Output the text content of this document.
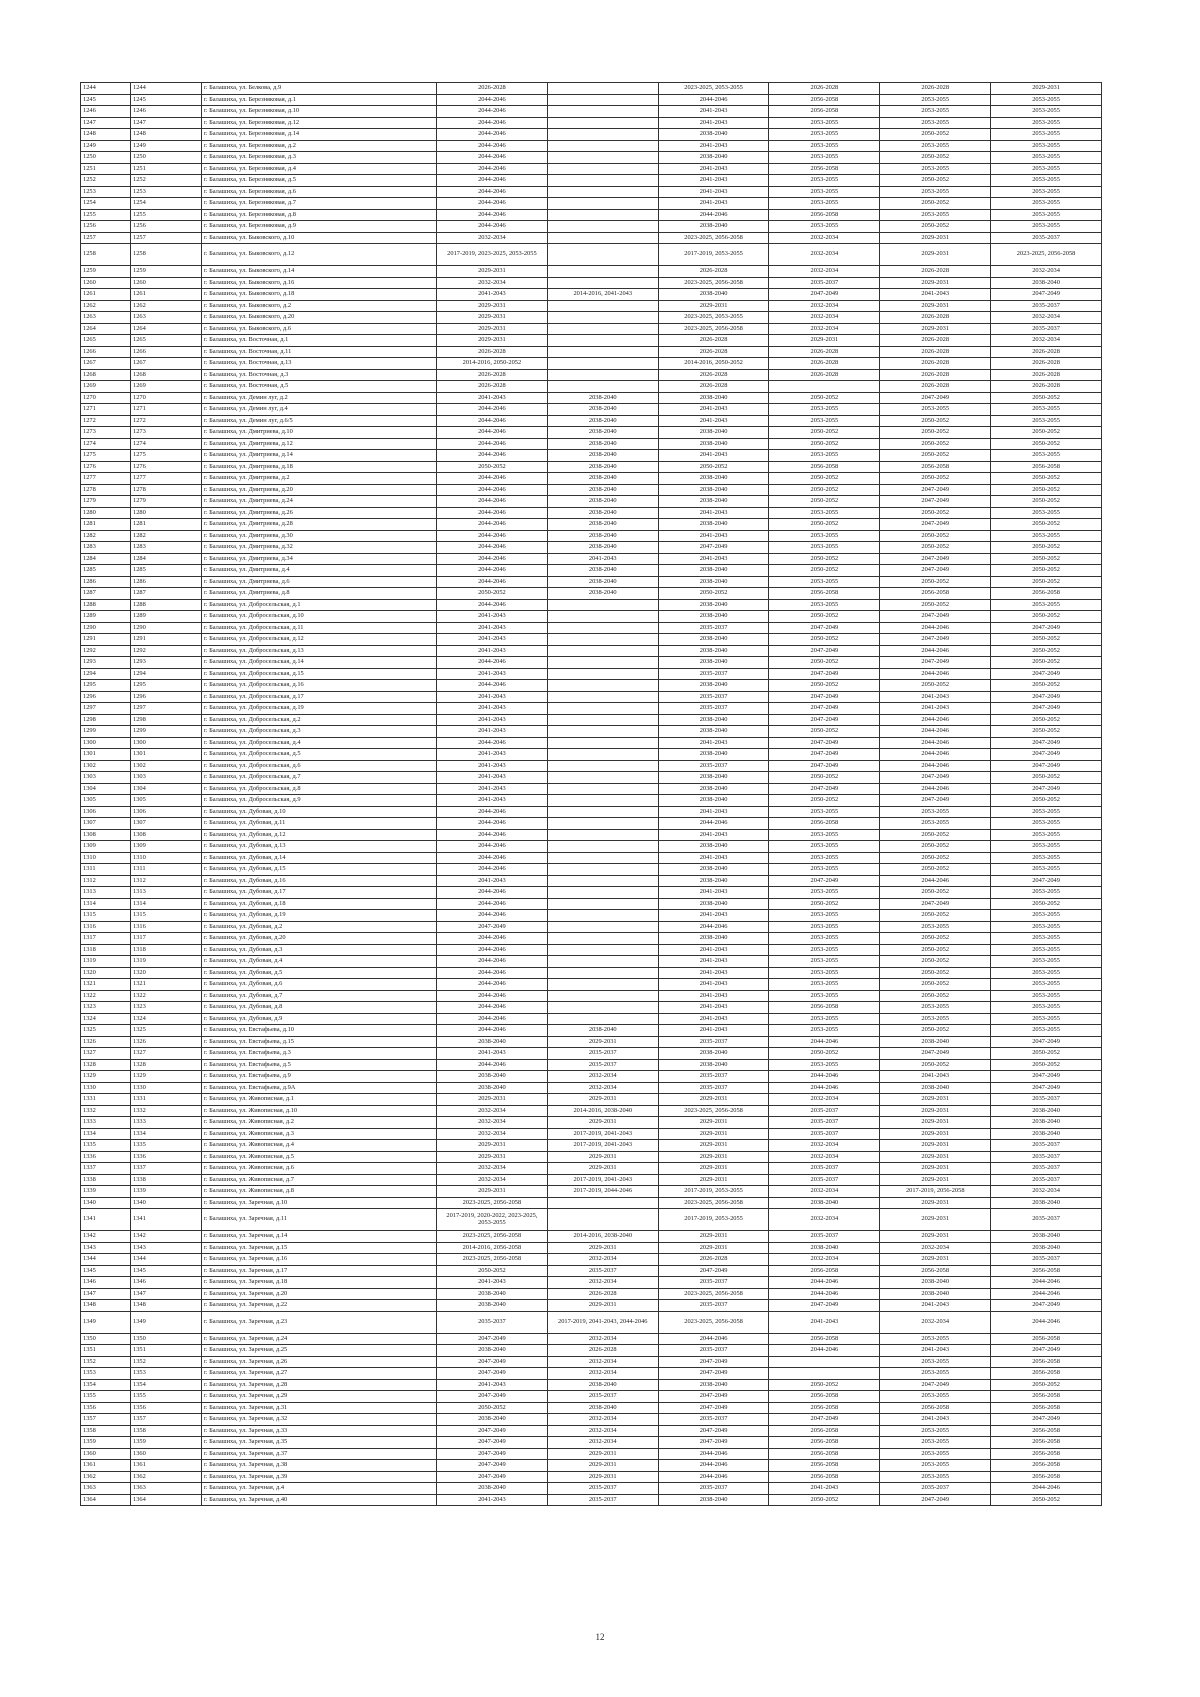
1244	1244	г. Балашиха, ул. Белкова, д.9	2026-2028		2023-2025, 2053-2055	2026-2028	2026-2028	2029-2031
1245	1245	г. Балашиха, ул. Березняковая, д.1	2044-2046		2044-2046	2056-2058	2053-2055	2053-2055
1246	1246	г. Балашиха, ул. Березняковая, д.10	2044-2046		2041-2043	2056-2058	2053-2055	2053-2055
1247	1247	г. Балашиха, ул. Березняковая, д.12	2044-2046		2041-2043	2053-2055	2053-2055	2053-2055
1248	1248	г. Балашиха, ул. Березняковая, д.14	2044-2046		2038-2040	2053-2055	2050-2052	2053-2055
1249	1249	г. Балашиха, ул. Березняковая, д.2	2044-2046		2041-2043	2053-2055	2053-2055	2053-2055
1250	1250	г. Балашиха, ул. Березняковая, д.3	2044-2046		2038-2040	2053-2055	2050-2052	2053-2055
1251	1251	г. Балашиха, ул. Березняковая, д.4	2044-2046		2041-2043	2056-2058	2053-2055	2053-2055
1252	1252	г. Балашиха, ул. Березняковая, д.5	2044-2046		2041-2043	2053-2055	2050-2052	2053-2055
1253	1253	г. Балашиха, ул. Березняковая, д.6	2044-2046		2041-2043	2053-2055	2053-2055	2053-2055
1254	1254	г. Балашиха, ул. Березняковая, д.7	2044-2046		2041-2043	2053-2055	2050-2052	2053-2055
1255	1255	г. Балашиха, ул. Березняковая, д.8	2044-2046		2044-2046	2056-2058	2053-2055	2053-2055
1256	1256	г. Балашиха, ул. Березняковая, д.9	2044-2046		2038-2040	2053-2055	2050-2052	2053-2055
1257	1257	г. Балашиха, ул. Быковского, д.10	2032-2034		2023-2025, 2056-2058	2032-2034	2029-2031	2035-2037
1258	1258	г. Балашиха, ул. Быковского, д.12	2017-2019, 2023-2025, 2053-2055		2017-2019, 2053-2055	2032-2034	2029-2031	2023-2025, 2056-2058
1259	1259	г. Балашиха, ул. Быковского, д.14	2029-2031		2026-2028	2032-2034	2026-2028	2032-2034
1260	1260	г. Балашиха, ул. Быковского, д.16	2032-2034		2023-2025, 2056-2058	2035-2037	2029-2031	2038-2040
1261	1261	г. Балашиха, ул. Быковского, д.18	2041-2043	2014-2016, 2041-2043	2038-2040	2047-2049	2041-2043	2047-2049
1262	1262	г. Балашиха, ул. Быковского, д.2	2029-2031		2029-2031	2032-2034	2029-2031	2035-2037
1263	1263	г. Балашиха, ул. Быковского, д.20	2029-2031		2023-2025, 2053-2055	2032-2034	2026-2028	2032-2034
1264	1264	г. Балашиха, ул. Быковского, д.6	2029-2031		2023-2025, 2056-2058	2032-2034	2029-2031	2035-2037
1265	1265	г. Балашиха, ул. Восточная, д.1	2029-2031		2026-2028	2029-2031	2026-2028	2032-2034
1266	1266	г. Балашиха, ул. Восточная, д.11	2026-2028		2026-2028	2026-2028	2026-2028	2026-2028
1267	1267	г. Балашиха, ул. Восточная, д.13	2014-2016, 2050-2052		2014-2016, 2050-2052	2026-2028	2026-2028	2026-2028
1268	1268	г. Балашиха, ул. Восточная, д.3	2026-2028		2026-2028	2026-2028	2026-2028	2026-2028
1269	1269	г. Балашиха, ул. Восточная, д.5	2026-2028		2026-2028		2026-2028	2026-2028
1270	1270	г. Балашиха, ул. Демин луг, д.2	2041-2043	2038-2040	2038-2040	2050-2052	2047-2049	2050-2052
1271	1271	г. Балашиха, ул. Демин луг, д.4	2044-2046	2038-2040	2041-2043	2053-2055	2053-2055	2053-2055
1272	1272	г. Балашиха, ул. Демин луг, д.6/5	2044-2046	2038-2040	2041-2043	2053-2055	2050-2052	2053-2055
1273	1273	г. Балашиха, ул. Дмитриева, д.10	2044-2046	2038-2040	2038-2040	2050-2052	2050-2052	2050-2052
1274	1274	г. Балашиха, ул. Дмитриева, д.12	2044-2046	2038-2040	2038-2040	2050-2052	2050-2052	2050-2052
1275	1275	г. Балашиха, ул. Дмитриева, д.14	2044-2046	2038-2040	2041-2043	2053-2055	2050-2052	2053-2055
1276	1276	г. Балашиха, ул. Дмитриева, д.18	2050-2052	2038-2040	2050-2052	2056-2058	2056-2058	2056-2058
1277	1277	г. Балашиха, ул. Дмитриева, д.2	2044-2046	2038-2040	2038-2040	2050-2052	2050-2052	2050-2052
1278	1278	г. Балашиха, ул. Дмитриева, д.20	2044-2046	2038-2040	2038-2040	2050-2052	2047-2049	2050-2052
1279	1279	г. Балашиха, ул. Дмитриева, д.24	2044-2046	2038-2040	2038-2040	2050-2052	2047-2049	2050-2052
1280	1280	г. Балашиха, ул. Дмитриева, д.26	2044-2046	2038-2040	2041-2043	2053-2055	2050-2052	2053-2055
1281	1281	г. Балашиха, ул. Дмитриева, д.28	2044-2046	2038-2040	2038-2040	2050-2052	2047-2049	2050-2052
1282	1282	г. Балашиха, ул. Дмитриева, д.30	2044-2046	2038-2040	2041-2043	2053-2055	2050-2052	2053-2055
1283	1283	г. Балашиха, ул. Дмитриева, д.32	2044-2046	2038-2040	2047-2049	2053-2055	2050-2052	2050-2052
1284	1284	г. Балашиха, ул. Дмитриева, д.34	2044-2046	2041-2043	2041-2043	2050-2052	2047-2049	2050-2052
1285	1285	г. Балашиха, ул. Дмитриева, д.4	2044-2046	2038-2040	2038-2040	2050-2052	2047-2049	2050-2052
1286	1286	г. Балашиха, ул. Дмитриева, д.6	2044-2046	2038-2040	2038-2040	2053-2055	2050-2052	2050-2052
1287	1287	г. Балашиха, ул. Дмитриева, д.8	2050-2052	2038-2040	2050-2052	2056-2058	2056-2058	2056-2058
1288	1288	г. Балашиха, ул. Добросельская, д.1	2044-2046		2038-2040	2053-2055	2050-2052	2053-2055
1289	1289	г. Балашиха, ул. Добросельская, д.10	2041-2043		2038-2040	2050-2052	2047-2049	2050-2052
1290	1290	г. Балашиха, ул. Добросельская, д.11	2041-2043		2035-2037	2047-2049	2044-2046	2047-2049
1291	1291	г. Балашиха, ул. Добросельская, д.12	2041-2043		2038-2040	2050-2052	2047-2049	2050-2052
1292	1292	г. Балашиха, ул. Добросельская, д.13	2041-2043		2038-2040	2047-2049	2044-2046	2050-2052
1293	1293	г. Балашиха, ул. Добросельская, д.14	2044-2046		2038-2040	2050-2052	2047-2049	2050-2052
1294	1294	г. Балашиха, ул. Добросельская, д.15	2041-2043		2035-2037	2047-2049	2044-2046	2047-2049
1295	1295	г. Балашиха, ул. Добросельская, д.16	2044-2046		2038-2040	2050-2052	2050-2052	2050-2052
1296	1296	г. Балашиха, ул. Добросельская, д.17	2041-2043		2035-2037	2047-2049	2041-2043	2047-2049
1297	1297	г. Балашиха, ул. Добросельская, д.19	2041-2043		2035-2037	2047-2049	2041-2043	2047-2049
1298	1298	г. Балашиха, ул. Добросельская, д.2	2041-2043		2038-2040	2047-2049	2044-2046	2050-2052
1299	1299	г. Балашиха, ул. Добросельская, д.3	2041-2043		2038-2040	2050-2052	2044-2046	2050-2052
1300	1300	г. Балашиха, ул. Добросельская, д.4	2044-2046		2041-2043	2047-2049	2044-2046	2047-2049
1301	1301	г. Балашиха, ул. Добросельская, д.5	2041-2043		2038-2040	2047-2049	2044-2046	2047-2049
1302	1302	г. Балашиха, ул. Добросельская, д.6	2041-2043		2035-2037	2047-2049	2044-2046	2047-2049
1303	1303	г. Балашиха, ул. Добросельская, д.7	2041-2043		2038-2040	2050-2052	2047-2049	2050-2052
1304	1304	г. Балашиха, ул. Добросельская, д.8	2041-2043		2038-2040	2047-2049	2044-2046	2047-2049
1305	1305	г. Балашиха, ул. Добросельская, д.9	2041-2043		2038-2040	2050-2052	2047-2049	2050-2052
1306	1306	г. Балашиха, ул. Дубовая, д.10	2044-2046		2041-2043	2053-2055	2053-2055	2053-2055
1307	1307	г. Балашиха, ул. Дубовая, д.11	2044-2046		2044-2046	2056-2058	2053-2055	2053-2055
1308	1308	г. Балашиха, ул. Дубовая, д.12	2044-2046		2041-2043	2053-2055	2050-2052	2053-2055
1309	1309	г. Балашиха, ул. Дубовая, д.13	2044-2046		2038-2040	2053-2055	2050-2052	2053-2055
1310	1310	г. Балашиха, ул. Дубовая, д.14	2044-2046		2041-2043	2053-2055	2050-2052	2053-2055
1311	1311	г. Балашиха, ул. Дубовая, д.15	2044-2046		2038-2040	2053-2055	2050-2052	2053-2055
1312	1312	г. Балашиха, ул. Дубовая, д.16	2041-2043		2038-2040	2047-2049	2044-2046	2047-2049
1313	1313	г. Балашиха, ул. Дубовая, д.17	2044-2046		2041-2043	2053-2055	2050-2052	2053-2055
1314	1314	г. Балашиха, ул. Дубовая, д.18	2044-2046		2038-2040	2050-2052	2047-2049	2050-2052
1315	1315	г. Балашиха, ул. Дубовая, д.19	2044-2046		2041-2043	2053-2055	2050-2052	2053-2055
1316	1316	г. Балашиха, ул. Дубовая, д.2	2047-2049		2044-2046	2053-2055	2053-2055	2053-2055
1317	1317	г. Балашиха, ул. Дубовая, д.20	2044-2046		2038-2040	2053-2055	2050-2052	2053-2055
1318	1318	г. Балашиха, ул. Дубовая, д.3	2044-2046		2041-2043	2053-2055	2050-2052	2053-2055
1319	1319	г. Балашиха, ул. Дубовая, д.4	2044-2046		2041-2043	2053-2055	2050-2052	2053-2055
1320	1320	г. Балашиха, ул. Дубовая, д.5	2044-2046		2041-2043	2053-2055	2050-2052	2053-2055
1321	1321	г. Балашиха, ул. Дубовая, д.6	2044-2046		2041-2043	2053-2055	2050-2052	2053-2055
1322	1322	г. Балашиха, ул. Дубовая, д.7	2044-2046		2041-2043	2053-2055	2050-2052	2053-2055
1323	1323	г. Балашиха, ул. Дубовая, д.8	2044-2046		2041-2043	2056-2058	2053-2055	2053-2055
1324	1324	г. Балашиха, ул. Дубовая, д.9	2044-2046		2041-2043	2053-2055	2053-2055	2053-2055
1325	1325	г. Балашиха, ул. Евстафьева, д.10	2044-2046	2038-2040	2041-2043	2053-2055	2050-2052	2053-2055
1326	1326	г. Балашиха, ул. Евстафьева, д.15	2038-2040	2029-2031	2035-2037	2044-2046	2038-2040	2047-2049
1327	1327	г. Балашиха, ул. Евстафьева, д.3	2041-2043	2035-2037	2038-2040	2050-2052	2047-2049	2050-2052
1328	1328	г. Балашиха, ул. Евстафьева, д.5	2044-2046	2035-2037	2038-2040	2053-2055	2050-2052	2050-2052
1329	1329	г. Балашиха, ул. Евстафьева, д.9	2038-2040	2032-2034	2035-2037	2044-2046	2041-2043	2047-2049
1330	1330	г. Балашиха, ул. Евстафьева, д.9А	2038-2040	2032-2034	2035-2037	2044-2046	2038-2040	2047-2049
1331	1331	г. Балашиха, ул. Живописная, д.1	2029-2031	2029-2031	2029-2031	2032-2034	2029-2031	2035-2037
1332	1332	г. Балашиха, ул. Живописная, д.10	2032-2034	2014-2016, 2038-2040	2023-2025, 2056-2058	2035-2037	2029-2031	2038-2040
1333	1333	г. Балашиха, ул. Живописная, д.2	2032-2034	2029-2031	2029-2031	2035-2037	2029-2031	2038-2040
1334	1334	г. Балашиха, ул. Живописная, д.3	2032-2034	2017-2019, 2041-2043	2029-2031	2035-2037	2029-2031	2038-2040
1335	1335	г. Балашиха, ул. Живописная, д.4	2029-2031	2017-2019, 2041-2043	2029-2031	2032-2034	2029-2031	2035-2037
1336	1336	г. Балашиха, ул. Живописная, д.5	2029-2031	2029-2031	2029-2031	2032-2034	2029-2031	2035-2037
1337	1337	г. Балашиха, ул. Живописная, д.6	2032-2034	2029-2031	2029-2031	2035-2037	2029-2031	2035-2037
1338	1338	г. Балашиха, ул. Живописная, д.7	2032-2034	2017-2019, 2041-2043	2029-2031	2035-2037	2029-2031	2035-2037
1339	1339	г. Балашиха, ул. Живописная, д.8	2029-2031	2017-2019, 2044-2046	2017-2019, 2053-2055	2032-2034	2017-2019, 2056-2058	2032-2034
1340	1340	г. Балашиха, ул. Заречная, д.10	2023-2025, 2056-2058		2023-2025, 2056-2058	2038-2040	2029-2031	2038-2040
1341	1341	г. Балашиха, ул. Заречная, д.11	2017-2019, 2020-2022, 2023-2025, 2053-2055		2017-2019, 2053-2055	2032-2034	2029-2031	2035-2037
1342	1342	г. Балашиха, ул. Заречная, д.14	2023-2025, 2056-2058	2014-2016, 2038-2040	2029-2031	2035-2037	2029-2031	2038-2040
1343	1343	г. Балашиха, ул. Заречная, д.15	2014-2016, 2056-2058	2029-2031	2029-2031	2038-2040	2032-2034	2038-2040
1344	1344	г. Балашиха, ул. Заречная, д.16	2023-2025, 2056-2058	2032-2034	2026-2028	2032-2034	2029-2031	2035-2037
1345	1345	г. Балашиха, ул. Заречная, д.17	2050-2052	2035-2037	2047-2049	2056-2058	2056-2058	2056-2058
1346	1346	г. Балашиха, ул. Заречная, д.18	2041-2043	2032-2034	2035-2037	2044-2046	2038-2040	2044-2046
1347	1347	г. Балашиха, ул. Заречная, д.20	2038-2040	2026-2028	2023-2025, 2056-2058	2044-2046	2038-2040	2044-2046
1348	1348	г. Балашиха, ул. Заречная, д.22	2038-2040	2029-2031	2035-2037	2047-2049	2041-2043	2047-2049
1349	1349	г. Балашиха, ул. Заречная, д.23	2035-2037	2017-2019, 2041-2043, 2044-2046	2023-2025, 2056-2058	2041-2043	2032-2034	2044-2046
1350	1350	г. Балашиха, ул. Заречная, д.24	2047-2049	2032-2034	2044-2046	2056-2058	2053-2055	2056-2058
1351	1351	г. Балашиха, ул. Заречная, д.25	2038-2040	2026-2028	2035-2037	2044-2046	2041-2043	2047-2049
1352	1352	г. Балашиха, ул. Заречная, д.26	2047-2049	2032-2034	2047-2049		2053-2055	2056-2058
1353	1353	г. Балашиха, ул. Заречная, д.27	2047-2049	2032-2034	2047-2049		2053-2055	2056-2058
1354	1354	г. Балашиха, ул. Заречная, д.28	2041-2043	2038-2040	2038-2040	2050-2052	2047-2049	2050-2052
1355	1355	г. Балашиха, ул. Заречная, д.29	2047-2049	2035-2037	2047-2049	2056-2058	2053-2055	2056-2058
1356	1356	г. Балашиха, ул. Заречная, д.31	2050-2052	2038-2040	2047-2049	2056-2058	2056-2058	2056-2058
1357	1357	г. Балашиха, ул. Заречная, д.32	2038-2040	2032-2034	2035-2037	2047-2049	2041-2043	2047-2049
1358	1358	г. Балашиха, ул. Заречная, д.33	2047-2049	2032-2034	2047-2049	2056-2058	2053-2055	2056-2058
1359	1359	г. Балашиха, ул. Заречная, д.35	2047-2049	2032-2034	2047-2049	2056-2058	2053-2055	2056-2058
1360	1360	г. Балашиха, ул. Заречная, д.37	2047-2049	2029-2031	2044-2046	2056-2058	2053-2055	2056-2058
1361	1361	г. Балашиха, ул. Заречная, д.38	2047-2049	2029-2031	2044-2046	2056-2058	2053-2055	2056-2058
1362	1362	г. Балашиха, ул. Заречная, д.39	2047-2049	2029-2031	2044-2046	2056-2058	2053-2055	2056-2058
1363	1363	г. Балашиха, ул. Заречная, д.4	2038-2040	2035-2037	2035-2037	2041-2043	2035-2037	2044-2046
1364	1364	г. Балашиха, ул. Заречная, д.40	2041-2043	2035-2037	2038-2040	2050-2052	2047-2049	2050-2052
12
